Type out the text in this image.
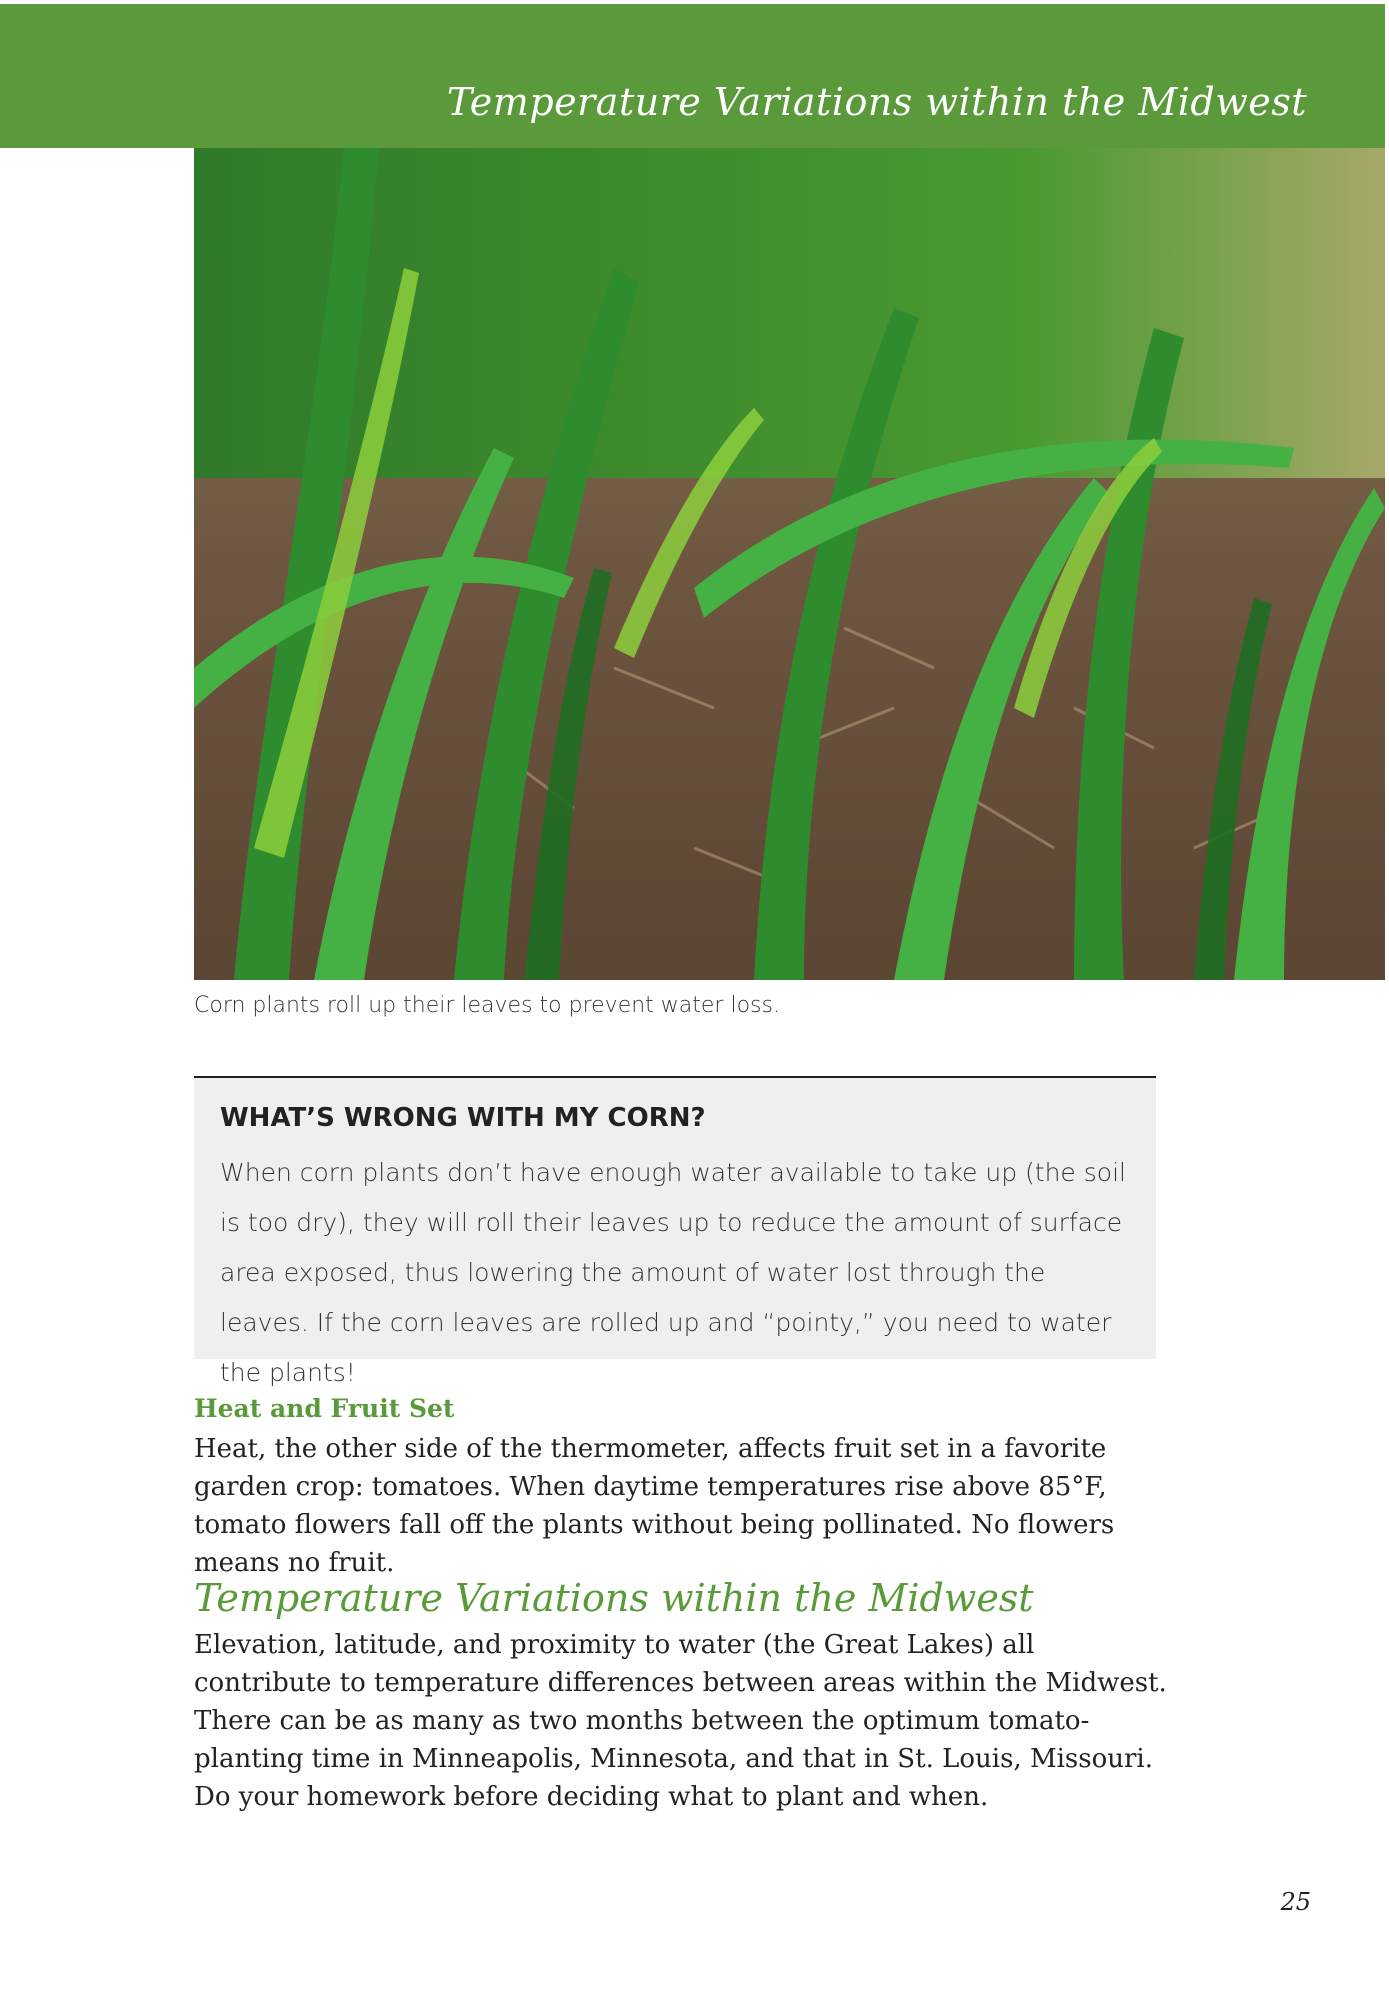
Temperature Variations within the Midwest
Corn plants roll up their leaves to prevent water loss.
WHAT’S WRONG WITH MY CORN?
When corn plants don’t have enough water available to take up (the soil is too dry), they will roll their leaves up to reduce the amount of surface area exposed, thus lowering the amount of water lost through the leaves. If the corn leaves are rolled up and “pointy,” you need to water the plants!
Heat and Fruit Set
Heat, the other side of the thermometer, affects fruit set in a favorite garden crop: tomatoes. When daytime temperatures rise above 85°F, tomato flowers fall off the plants without being pollinated. No flowers means no fruit.
Temperature Variations within the Midwest
Elevation, latitude, and proximity to water (the Great Lakes) all contribute to temperature differences between areas within the Midwest. There can be as many as two months between the optimum tomato-planting time in Minneapolis, Minnesota, and that in St. Louis, Missouri. Do your homework before deciding what to plant and when.
25
